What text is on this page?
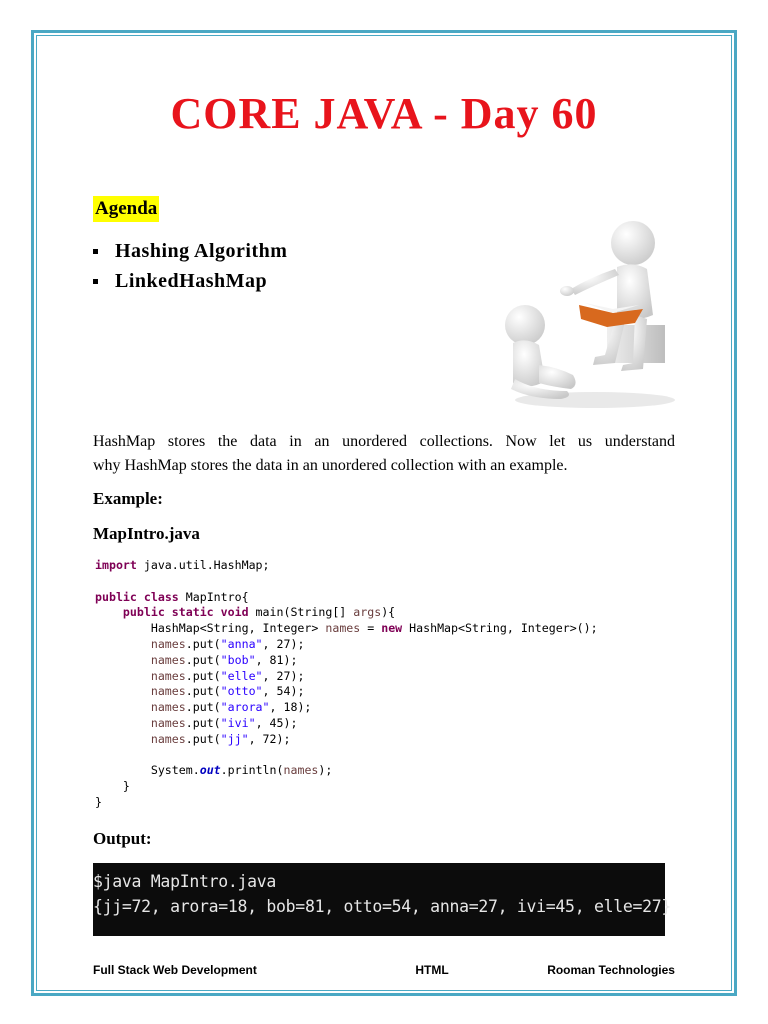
CORE JAVA - Day 60
Agenda
Hashing Algorithm
LinkedHashMap

HashMap stores the data in an unordered collections. Now let us understand

why HashMap stores the data in an unordered collection with an example.

Example:
MapIntro.java
import java.util.HashMap;

public class MapIntro{
public static void main(String[] args){
HashMap<String, Integer> names = new HashMap<String, Integer>();
names.put("anna", 27);
names.put("bob", 81);
names.put("elle", 27);
names.put("otto", 54);
names.put("arora", 18);
names.put("ivi", 45);
names.put("jj", 72);

System.out.println(names);
}
}
Output:
$java MapIntro.java
{jj=72, arora=18, bob=81, otto=54, anna=27, ivi=45, elle=27}
Full Stack Web Development	HTML	Rooman Technologies
